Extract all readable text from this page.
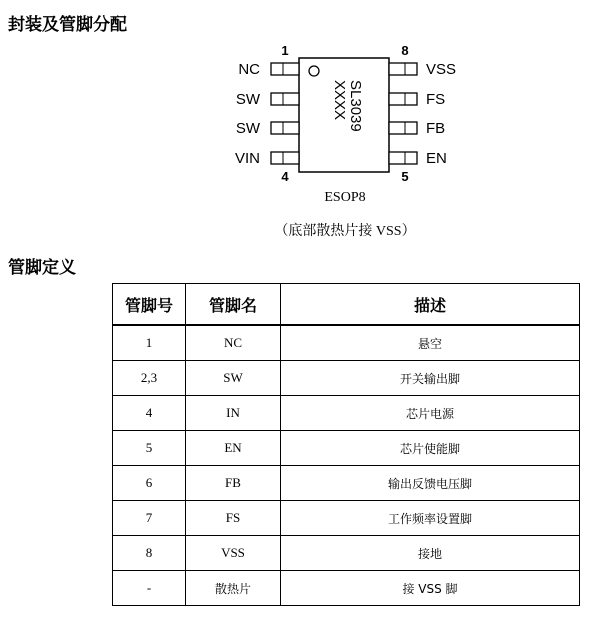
封装及管脚分配
SL3039
XXXX
NC
1
SW
SW
VIN
4
VSS
8
FS
FB
EN
5
ESOP8
（底部散热片接 VSS）
管脚定义
管脚号	管脚名	描述
1	NC	悬空
2,3	SW	开关输出脚
4	IN	芯片电源
5	EN	芯片使能脚
6	FB	输出反馈电压脚
7	FS	工作频率设置脚
8	VSS	接地
-	散热片	接 VSS 脚
